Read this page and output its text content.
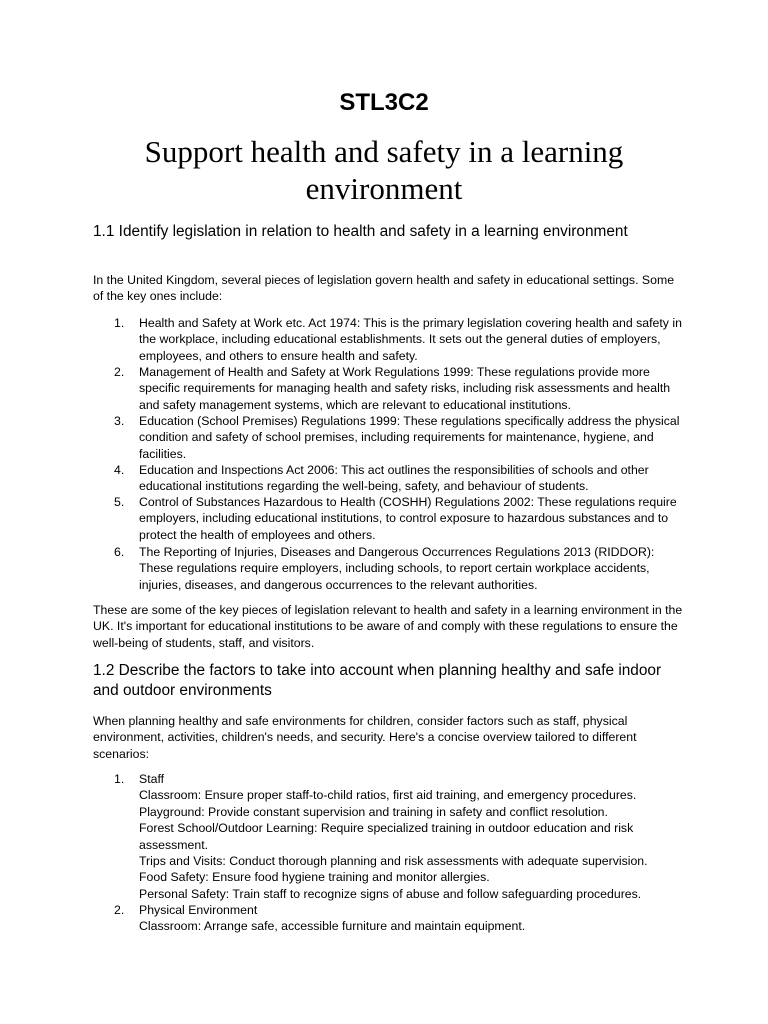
STL3C2
Support health and safety in a learning environment
1.1 Identify legislation in relation to health and safety in a learning environment
In the United Kingdom, several pieces of legislation govern health and safety in educational settings. Some of the key ones include:
1. Health and Safety at Work etc. Act 1974: This is the primary legislation covering health and safety in the workplace, including educational establishments. It sets out the general duties of employers, employees, and others to ensure health and safety.
2. Management of Health and Safety at Work Regulations 1999: These regulations provide more specific requirements for managing health and safety risks, including risk assessments and health and safety management systems, which are relevant to educational institutions.
3. Education (School Premises) Regulations 1999: These regulations specifically address the physical condition and safety of school premises, including requirements for maintenance, hygiene, and facilities.
4. Education and Inspections Act 2006: This act outlines the responsibilities of schools and other educational institutions regarding the well-being, safety, and behaviour of students.
5. Control of Substances Hazardous to Health (COSHH) Regulations 2002: These regulations require employers, including educational institutions, to control exposure to hazardous substances and to protect the health of employees and others.
6. The Reporting of Injuries, Diseases and Dangerous Occurrences Regulations 2013 (RIDDOR): These regulations require employers, including schools, to report certain workplace accidents, injuries, diseases, and dangerous occurrences to the relevant authorities.
These are some of the key pieces of legislation relevant to health and safety in a learning environment in the UK. It's important for educational institutions to be aware of and comply with these regulations to ensure the well-being of students, staff, and visitors.
1.2 Describe the factors to take into account when planning healthy and safe indoor and outdoor environments
When planning healthy and safe environments for children, consider factors such as staff, physical environment, activities, children's needs, and security. Here's a concise overview tailored to different scenarios:
1. Staff
Classroom: Ensure proper staff-to-child ratios, first aid training, and emergency procedures.
Playground: Provide constant supervision and training in safety and conflict resolution.
Forest School/Outdoor Learning: Require specialized training in outdoor education and risk assessment.
Trips and Visits: Conduct thorough planning and risk assessments with adequate supervision.
Food Safety: Ensure food hygiene training and monitor allergies.
Personal Safety: Train staff to recognize signs of abuse and follow safeguarding procedures.
2. Physical Environment
Classroom: Arrange safe, accessible furniture and maintain equipment.
